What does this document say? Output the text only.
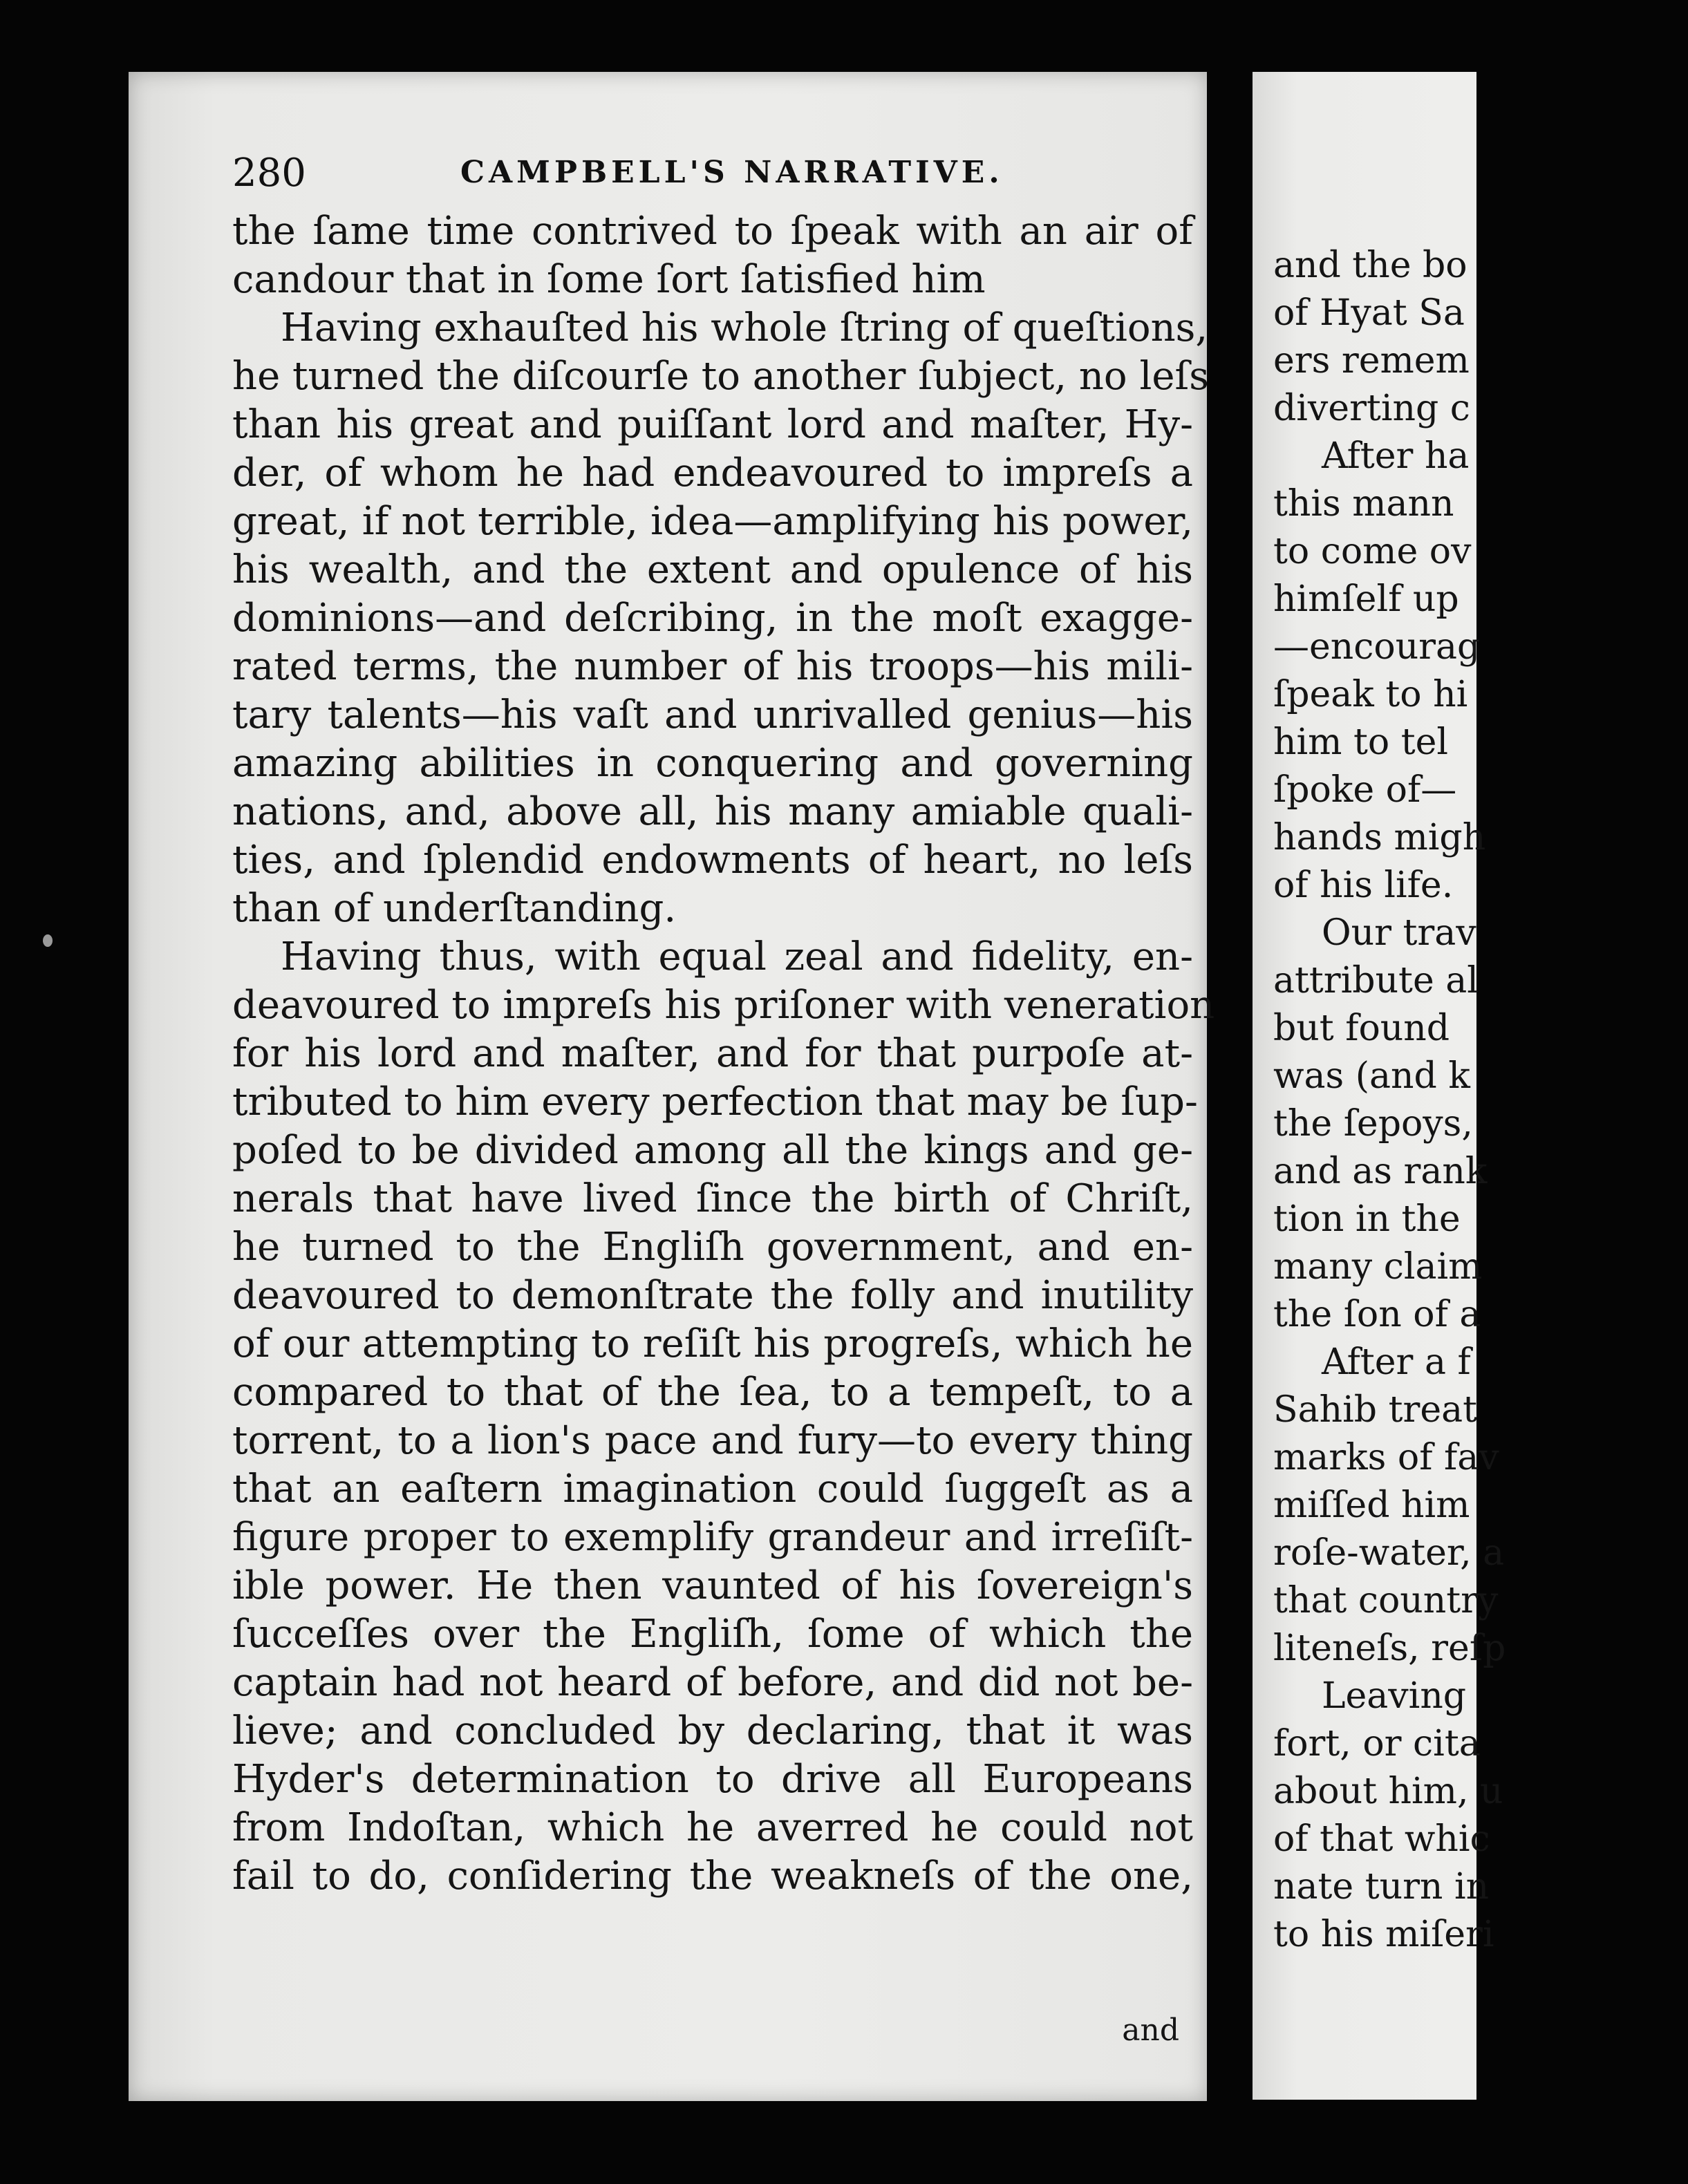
280	CAMPBELL'S NARRATIVE.
the ſame time contrived to ſpeak with an air of
candour that in ſome ſort ſatisfied him
Having exhauſted his whole ſtring of queſtions,
he turned the diſcourſe to another ſubject, no leſs
than his great and puiſſant lord and maſter, Hy-
der, of whom he had endeavoured to impreſs a
great, if not terrible, idea—amplifying his power,
his wealth, and the extent and opulence of his
dominions—and deſcribing, in the moſt exagge-
rated terms, the number of his troops—his mili-
tary talents—his vaſt and unrivalled genius—his
amazing abilities in conquering and governing
nations, and, above all, his many amiable quali-
ties, and ſplendid endowments of heart, no leſs
than of underſtanding.
Having thus, with equal zeal and fidelity, en-
deavoured to impreſs his priſoner with veneration
for his lord and maſter, and for that purpoſe at-
tributed to him every perfection that may be ſup-
poſed to be divided among all the kings and ge-
nerals that have lived ſince the birth of Chriſt,
he turned to the Engliſh government, and en-
deavoured to demonſtrate the folly and inutility
of our attempting to reſiſt his progreſs, which he
compared to that of the ſea, to a tempeſt, to a
torrent, to a lion's pace and fury—to every thing
that an eaſtern imagination could ſuggeſt as a
figure proper to exemplify grandeur and irreſiſt-
ible power. He then vaunted of his ſovereign's
ſucceſſes over the Engliſh, ſome of which the
captain had not heard of before, and did not be-
lieve; and concluded by declaring, that it was
Hyder's determination to drive all Europeans
from Indoſtan, which he averred he could not
fail to do, conſidering the weakneſs of the one,
and
and the bo
of Hyat Sa
ers remem
diverting c
After ha
this mann
to come ov
himſelf up
—encourag
ſpeak to hi
him to tel
ſpoke of—
hands migh
of his life.
Our trav
attribute al
but found
was (and k
the ſepoys,
and as rank
tion in the
many claim
the ſon of a
After a f
Sahib treat
marks of fav
miſſed him
roſe-water, a
that country
liteneſs, reſp
Leaving
fort, or cita
about him, u
of that whic
nate turn in
to his miſeri
